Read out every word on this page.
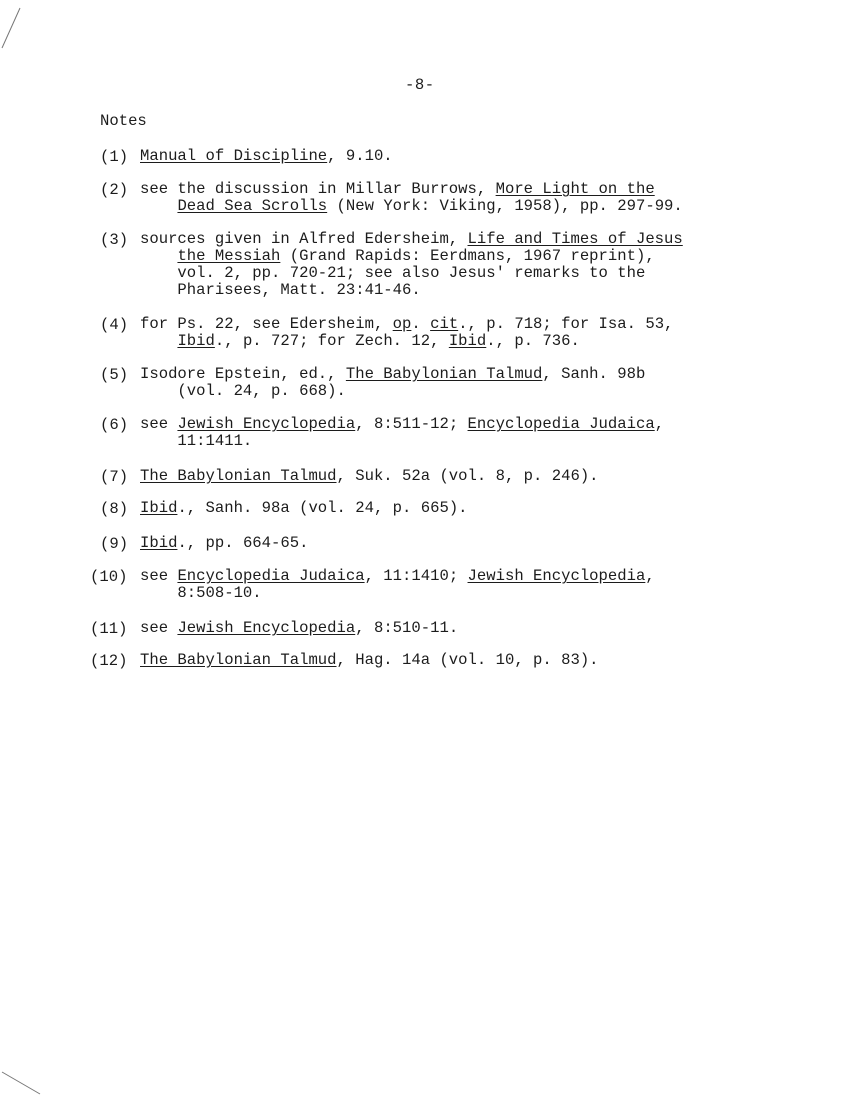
-8-
Notes
(1) Manual of Discipline, 9.10.
(2) see the discussion in Millar Burrows, More Light on the
Dead Sea Scrolls (New York: Viking, 1958), pp. 297-99.
(3) sources given in Alfred Edersheim, Life and Times of Jesus
the Messiah (Grand Rapids: Eerdmans, 1967 reprint),
vol. 2, pp. 720-21; see also Jesus' remarks to the
Pharisees, Matt. 23:41-46.
(4) for Ps. 22, see Edersheim, op. cit., p. 718; for Isa. 53,
Ibid., p. 727; for Zech. 12, Ibid., p. 736.
(5) Isodore Epstein, ed., The Babylonian Talmud, Sanh. 98b
(vol. 24, p. 668).
(6) see Jewish Encyclopedia, 8:511-12; Encyclopedia Judaica,
11:1411.
(7) The Babylonian Talmud, Suk. 52a (vol. 8, p. 246).
(8) Ibid., Sanh. 98a (vol. 24, p. 665).
(9) Ibid., pp. 664-65.
(10) see Encyclopedia Judaica, 11:1410; Jewish Encyclopedia,
8:508-10.
(11) see Jewish Encyclopedia, 8:510-11.
(12) The Babylonian Talmud, Hag. 14a (vol. 10, p. 83).
